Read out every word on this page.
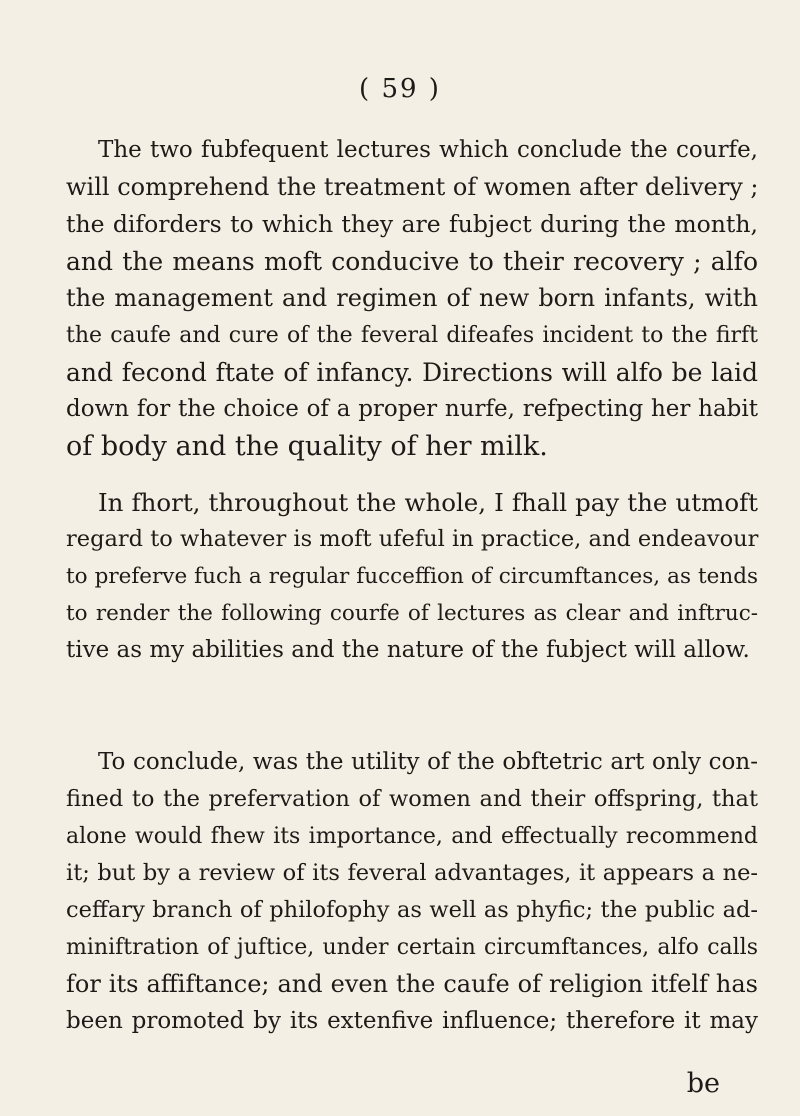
( 59 )
The two fubfequent lectures which conclude the courfe,
will comprehend the treatment of women after delivery ;
the diforders to which they are fubject during the month,
and the means moft conducive to their recovery ; alfo
the management and regimen of new born infants, with
the caufe and cure of the feveral difeafes incident to the firft
and fecond ftate of infancy. Directions will alfo be laid
down for the choice of a proper nurfe, refpecting her habit
of body and the quality of her milk.
In fhort, throughout the whole, I fhall pay the utmoft
regard to whatever is moft ufeful in practice, and endeavour
to preferve fuch a regular fucceffion of circumftances, as tends
to render the following courfe of lectures as clear and inftruc-
tive as my abilities and the nature of the fubject will allow.
To conclude, was the utility of the obftetric art only con-
fined to the prefervation of women and their offspring, that
alone would fhew its importance, and effectually recommend
it; but by a review of its feveral advantages, it appears a ne-
ceffary branch of philofophy as well as phyfic; the public ad-
miniftration of juftice, under certain circumftances, alfo calls
for its affiftance; and even the caufe of religion itfelf has
been promoted by its extenfive influence; therefore it may
be
